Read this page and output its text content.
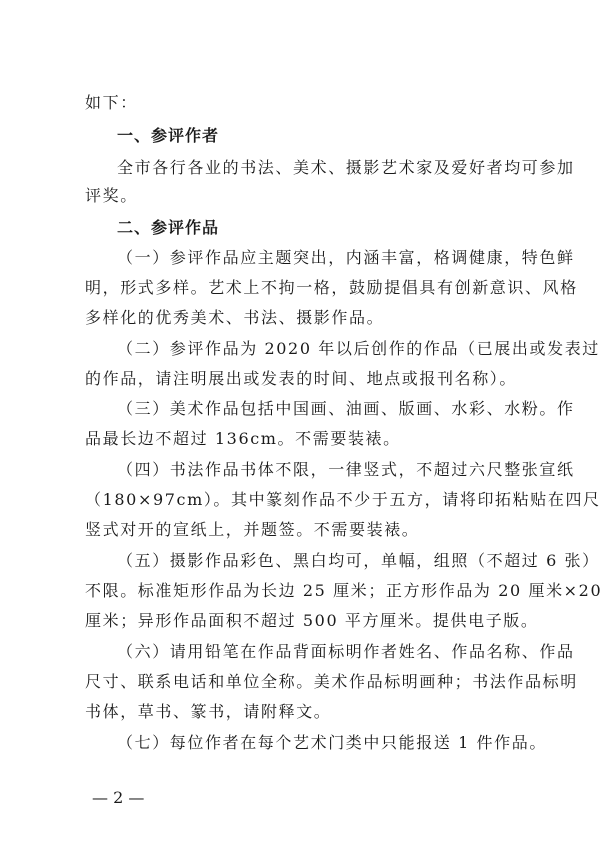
如下：
一、参评作者
全市各行各业的书法、美术、摄影艺术家及爱好者均可参加
评奖。
二、参评作品
（一）参评作品应主题突出，内涵丰富，格调健康，特色鲜
明，形式多样。艺术上不拘一格，鼓励提倡具有创新意识、风格
多样化的优秀美术、书法、摄影作品。
（二）参评作品为 2020 年以后创作的作品（已展出或发表过
的作品，请注明展出或发表的时间、地点或报刊名称）。
（三）美术作品包括中国画、油画、版画、水彩、水粉。作
品最长边不超过 136cm。不需要装裱。
（四）书法作品书体不限，一律竖式，不超过六尺整张宣纸
（180×97cm）。其中篆刻作品不少于五方，请将印拓粘贴在四尺
竖式对开的宣纸上，并题签。不需要装裱。
（五）摄影作品彩色、黑白均可，单幅，组照（不超过 6 张）
不限。标准矩形作品为长边 25 厘米；正方形作品为 20 厘米×20
厘米；异形作品面积不超过 500 平方厘米。提供电子版。
（六）请用铅笔在作品背面标明作者姓名、作品名称、作品
尺寸、联系电话和单位全称。美术作品标明画种；书法作品标明
书体，草书、篆书，请附释文。
（七）每位作者在每个艺术门类中只能报送 1 件作品。
— 2 —
